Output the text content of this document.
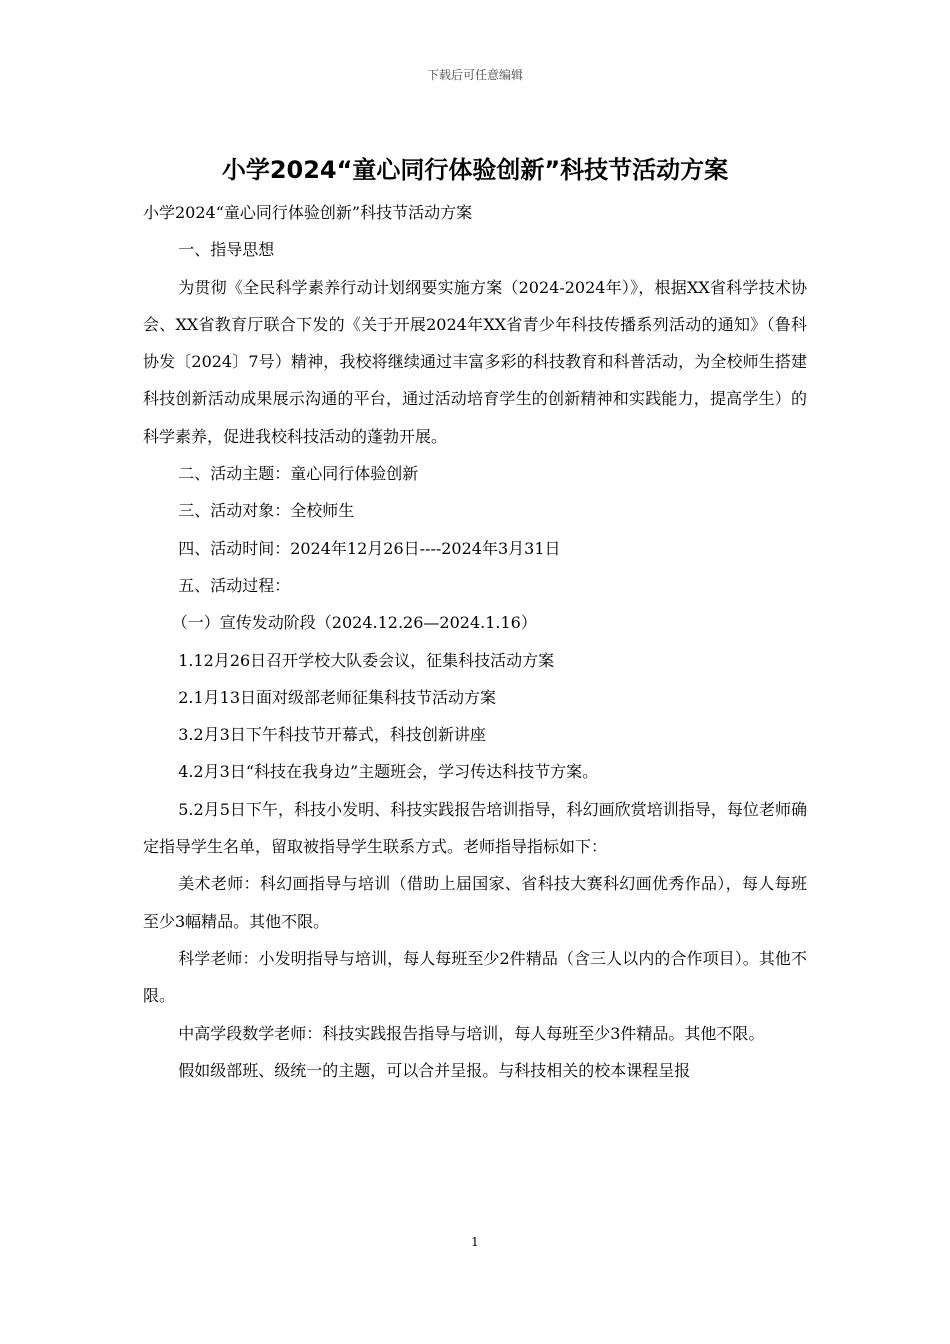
下载后可任意编辑
小学2024“童心同行体验创新”科技节活动方案

小学2024“童心同行体验创新”科技节活动方案

一、指导思想

为贯彻《全民科学素养行动计划纲要实施方案（2024-2024年）》，根据XX省科学技术协会、XX省教育厅联合下发的《关于开展2024年XX省青少年科技传播系列活动的通知》（鲁科协发〔2024〕7号）精神，我校将继续通过丰富多彩的科技教育和科普活动，为全校师生搭建科技创新活动成果展示沟通的平台，通过活动培育学生的创新精神和实践能力，提高学生）的科学素养，促进我校科技活动的蓬勃开展。

二、活动主题：童心同行体验创新

三、活动对象：全校师生

四、活动时间：2024年12月26日----2024年3月31日

五、活动过程：

（一）宣传发动阶段（2024.12.26—2024.1.16）

1.12月26日召开学校大队委会议，征集科技活动方案

2.1月13日面对级部老师征集科技节活动方案

3.2月3日下午科技节开幕式，科技创新讲座

4.2月3日“科技在我身边”主题班会，学习传达科技节方案。

5.2月5日下午，科技小发明、科技实践报告培训指导，科幻画欣赏培训指导，每位老师确定指导学生名单，留取被指导学生联系方式。老师指导指标如下：

美术老师：科幻画指导与培训（借助上届国家、省科技大赛科幻画优秀作品），每人每班至少3幅精品。其他不限。

科学老师：小发明指导与培训，每人每班至少2件精品（含三人以内的合作项目）。其他不限。

中高学段数学老师：科技实践报告指导与培训，每人每班至少3件精品。其他不限。

假如级部班、级统一的主题，可以合并呈报。与科技相关的校本课程呈报

1
